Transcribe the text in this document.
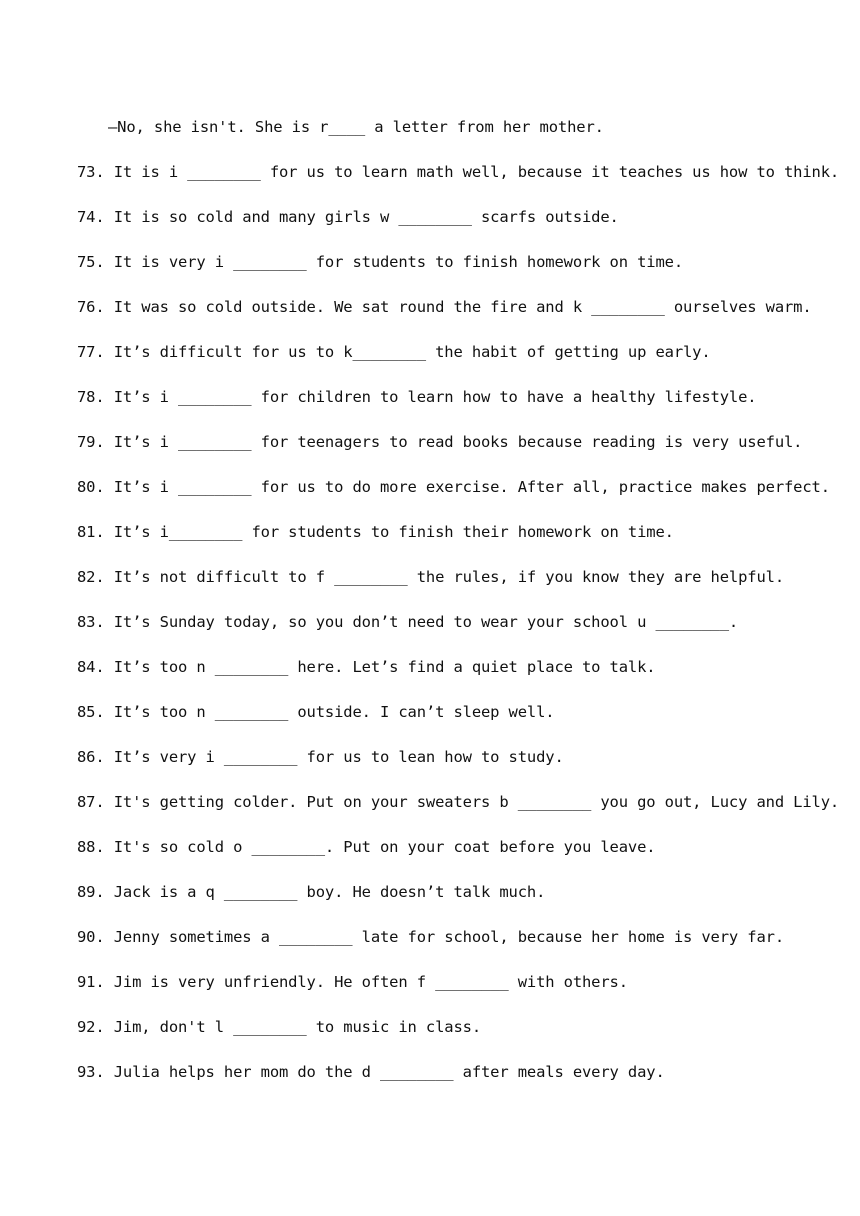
—No, she isn't. She is r____ a letter from her mother.
73. It is i ________ for us to learn math well, because it teaches us how to think.
74. It is so cold and many girls w ________ scarfs outside.
75. It is very i ________ for students to finish homework on time.
76. It was so cold outside. We sat round the fire and k ________ ourselves warm.
77. It’s difficult for us to k________ the habit of getting up early.
78. It’s i ________ for children to learn how to have a healthy lifestyle.
79. It’s i ________ for teenagers to read books because reading is very useful.
80. It’s i ________ for us to do more exercise. After all, practice makes perfect.
81. It’s i________ for students to finish their homework on time.
82. It’s not difficult to f ________ the rules, if you know they are helpful.
83. It’s Sunday today, so you don’t need to wear your school u ________.
84. It’s too n ________ here. Let’s find a quiet place to talk.
85. It’s too n ________ outside. I can’t sleep well.
86. It’s very i ________ for us to lean how to study.
87. It's getting colder. Put on your sweaters b ________ you go out, Lucy and Lily.
88. It's so cold o ________. Put on your coat before you leave.
89. Jack is a q ________ boy. He doesn’t talk much.
90. Jenny sometimes a ________ late for school, because her home is very far.
91. Jim is very unfriendly. He often f ________ with others.
92. Jim, don't l ________ to music in class.
93. Julia helps her mom do the d ________ after meals every day.
